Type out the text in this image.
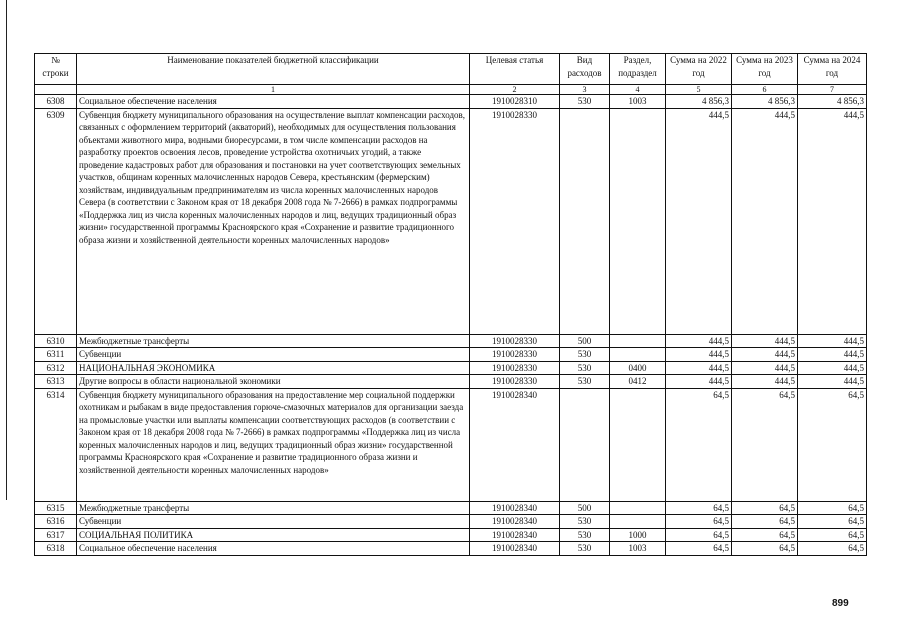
№ строки	Наименование показателей бюджетной классификации	Целевая статья	Вид расходов	Раздел, подраздел	Сумма на 2022 год	Сумма на 2023 год	Сумма на 2024 год
	1	2	3	4	5	6	7
6308	Социальное обеспечение населения	1910028310	530	1003	4 856,3	4 856,3	4 856,3
6309	Субвенция бюджету муниципального образования на осуществление выплат компенсации расходов, связанных с оформлением территорий (акваторий), необходимых для осуществления пользования объектами животного мира, водными биоресурсами, в том числе компенсации расходов на разработку проектов освоения лесов, проведение устройства охотничьих угодий, а также проведение кадастровых работ для образования и постановки на учет соответствующих земельных участков, общинам коренных малочисленных народов Севера, крестьянским (фермерским) хозяйствам, индивидуальным предпринимателям из числа коренных малочисленных народов Севера (в соответствии с Законом края от 18 декабря 2008 года № 7-2666) в рамках подпрограммы «Поддержка лиц из числа коренных малочисленных народов и лиц, ведущих традиционный образ жизни» государственной программы Красноярского края «Сохранение и развитие традиционного образа жизни и хозяйственной деятельности коренных малочисленных народов»	1910028330			444,5	444,5	444,5
6310	Межбюджетные трансферты	1910028330	500		444,5	444,5	444,5
6311	Субвенции	1910028330	530		444,5	444,5	444,5
6312	НАЦИОНАЛЬНАЯ ЭКОНОМИКА	1910028330	530	0400	444,5	444,5	444,5
6313	Другие вопросы в области национальной экономики	1910028330	530	0412	444,5	444,5	444,5
6314	Субвенция бюджету муниципального образования на предоставление мер социальной поддержки охотникам и рыбакам в виде предоставления горюче-смазочных материалов для организации заезда на промысловые участки или выплаты компенсации соответствующих расходов (в соответствии с Законом края от 18 декабря 2008 года № 7-2666) в рамках подпрограммы «Поддержка лиц из числа коренных малочисленных народов и лиц, ведущих традиционный образ жизни» государственной программы Красноярского края «Сохранение и развитие традиционного образа жизни и хозяйственной деятельности коренных малочисленных народов»	1910028340			64,5	64,5	64,5
6315	Межбюджетные трансферты	1910028340	500		64,5	64,5	64,5
6316	Субвенции	1910028340	530		64,5	64,5	64,5
6317	СОЦИАЛЬНАЯ ПОЛИТИКА	1910028340	530	1000	64,5	64,5	64,5
6318	Социальное обеспечение населения	1910028340	530	1003	64,5	64,5	64,5
899
